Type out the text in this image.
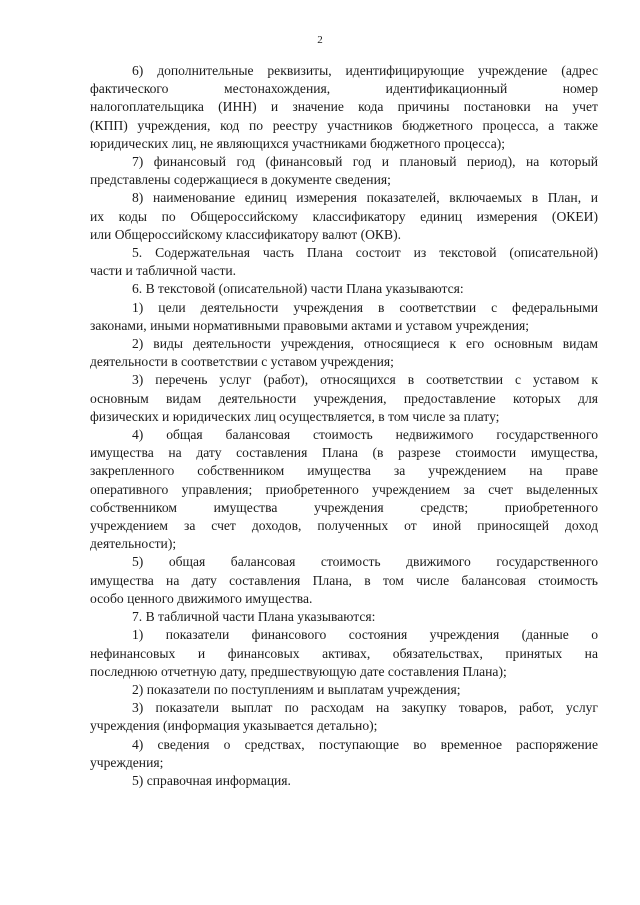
2

6) дополнительные реквизиты, идентифицирующие учреждение (адрес
фактического местонахождения, идентификационный номер
налогоплательщика (ИНН) и значение кода причины постановки на учет
(КПП) учреждения, код по реестру участников бюджетного процесса, а также
юридических лиц, не являющихся участниками бюджетного процесса);

7) финансовый год (финансовый год и плановый период), на который
представлены содержащиеся в документе сведения;

8) наименование единиц измерения показателей, включаемых в План, и
их коды по Общероссийскому классификатору единиц измерения (ОКЕИ)
или Общероссийскому классификатору валют (ОКВ).

5. Содержательная часть Плана состоит из текстовой (описательной)
части и табличной части.

6. В текстовой (описательной) части Плана указываются:

1) цели деятельности учреждения в соответствии с федеральными
законами, иными нормативными правовыми актами и уставом учреждения;

2) виды деятельности учреждения, относящиеся к его основным видам
деятельности в соответствии с уставом учреждения;

3) перечень услуг (работ), относящихся в соответствии с уставом к
основным видам деятельности учреждения, предоставление которых для
физических и юридических лиц осуществляется, в том числе за плату;

4) общая балансовая стоимость недвижимого государственного
имущества на дату составления Плана (в разрезе стоимости имущества,
закрепленного собственником имущества за учреждением на праве
оперативного управления; приобретенного учреждением за счет выделенных
собственником имущества учреждения средств; приобретенного
учреждением за счет доходов, полученных от иной приносящей доход
деятельности);

5) общая балансовая стоимость движимого государственного
имущества на дату составления Плана, в том числе балансовая стоимость
особо ценного движимого имущества.

7. В табличной части Плана указываются:

1) показатели финансового состояния учреждения (данные о
нефинансовых и финансовых активах, обязательствах, принятых на
последнюю отчетную дату, предшествующую дате составления Плана);

2) показатели по поступлениям и выплатам учреждения;

3) показатели выплат по расходам на закупку товаров, работ, услуг
учреждения (информация указывается детально);

4) сведения о средствах, поступающие во временное распоряжение
учреждения;

5) справочная информация.
